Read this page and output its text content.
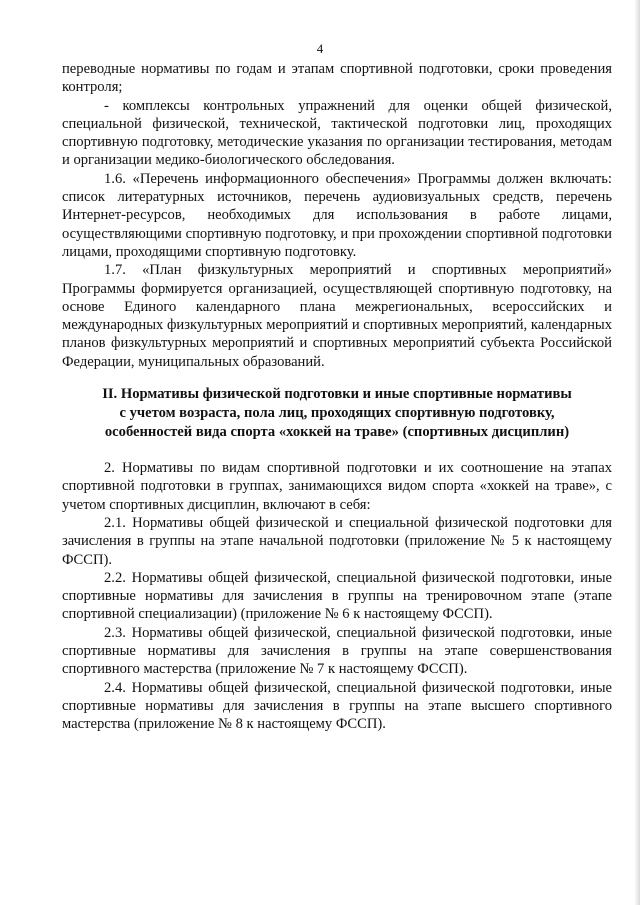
4

переводные нормативы по годам и этапам спортивной подготовки, сроки проведения контроля;

- комплексы контрольных упражнений для оценки общей физической, специальной физической, технической, тактической подготовки лиц, проходящих спортивную подготовку, методические указания по организации тестирования, методам и организации медико-биологического обследования.

1.6. «Перечень информационного обеспечения» Программы должен включать: список литературных источников, перечень аудиовизуальных средств, перечень Интернет-ресурсов, необходимых для использования в работе лицами, осуществляющими спортивную подготовку, и при прохождении спортивной подготовки лицами, проходящими спортивную подготовку.

1.7. «План физкультурных мероприятий и спортивных мероприятий» Программы формируется организацией, осуществляющей спортивную подготовку, на основе Единого календарного плана межрегиональных, всероссийских и международных физкультурных мероприятий и спортивных мероприятий, календарных планов физкультурных мероприятий и спортивных мероприятий субъекта Российской Федерации, муниципальных образований.

II. Нормативы физической подготовки и иные спортивные нормативы
с учетом возраста, пола лиц, проходящих спортивную подготовку,
особенностей вида спорта «хоккей на траве» (спортивных дисциплин)

2. Нормативы по видам спортивной подготовки и их соотношение на этапах спортивной подготовки в группах, занимающихся видом спорта «хоккей на траве», с учетом спортивных дисциплин, включают в себя:

2.1. Нормативы общей физической и специальной физической подготовки для зачисления в группы на этапе начальной подготовки (приложение № 5 к настоящему ФССП).

2.2. Нормативы общей физической, специальной физической подготовки, иные спортивные нормативы для зачисления в группы на тренировочном этапе (этапе спортивной специализации) (приложение № 6 к настоящему ФССП).

2.3. Нормативы общей физической, специальной физической подготовки, иные спортивные нормативы для зачисления в группы на этапе совершенствования спортивного мастерства (приложение № 7 к настоящему ФССП).

2.4. Нормативы общей физической, специальной физической подготовки, иные спортивные нормативы для зачисления в группы на этапе высшего спортивного мастерства (приложение № 8 к настоящему ФССП).
